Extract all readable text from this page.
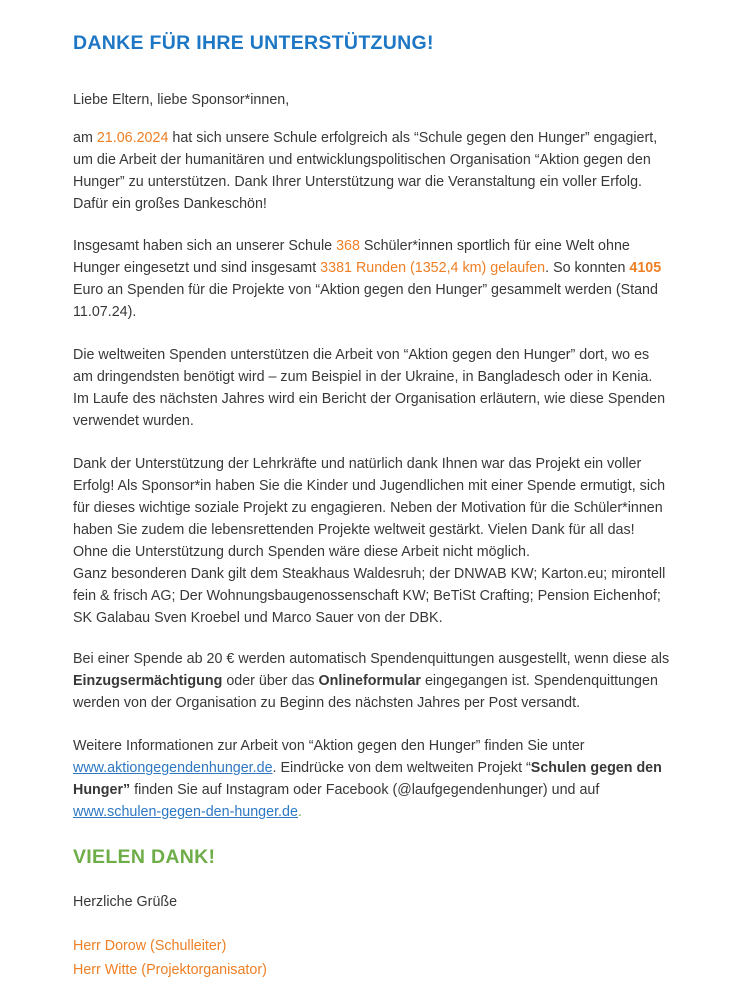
DANKE FÜR IHRE UNTERSTÜTZUNG!
Liebe Eltern, liebe Sponsor*innen,
am 21.06.2024 hat sich unsere Schule erfolgreich als “Schule gegen den Hunger” engagiert,
um die Arbeit der humanitären und entwicklungspolitischen Organisation “Aktion gegen den
Hunger” zu unterstützen. Dank Ihrer Unterstützung war die Veranstaltung ein voller Erfolg.
Dafür ein großes Dankeschön!
Insgesamt haben sich an unserer Schule 368 Schüler*innen sportlich für eine Welt ohne
Hunger eingesetzt und sind insgesamt 3381 Runden (1352,4 km) gelaufen. So konnten 4105
Euro an Spenden für die Projekte von “Aktion gegen den Hunger” gesammelt werden (Stand
11.07.24).
Die weltweiten Spenden unterstützen die Arbeit von “Aktion gegen den Hunger” dort, wo es
am dringendsten benötigt wird – zum Beispiel in der Ukraine, in Bangladesch oder in Kenia.
Im Laufe des nächsten Jahres wird ein Bericht der Organisation erläutern, wie diese Spenden
verwendet wurden.
Dank der Unterstützung der Lehrkräfte und natürlich dank Ihnen war das Projekt ein voller
Erfolg! Als Sponsor*in haben Sie die Kinder und Jugendlichen mit einer Spende ermutigt, sich
für dieses wichtige soziale Projekt zu engagieren. Neben der Motivation für die Schüler*innen
haben Sie zudem die lebensrettenden Projekte weltweit gestärkt. Vielen Dank für all das!
Ohne die Unterstützung durch Spenden wäre diese Arbeit nicht möglich.
Ganz besonderen Dank gilt dem Steakhaus Waldesruh; der DNWAB KW; Karton.eu; mirontell
fein & frisch AG; Der Wohnungsbaugenossenschaft KW; BeTiSt Crafting; Pension Eichenhof;
SK Galabau Sven Kroebel und Marco Sauer von der DBK.
Bei einer Spende ab 20 € werden automatisch Spendenquittungen ausgestellt, wenn diese als
Einzugsermächtigung oder über das Onlineformular eingegangen ist. Spendenquittungen
werden von der Organisation zu Beginn des nächsten Jahres per Post versandt.
Weitere Informationen zur Arbeit von “Aktion gegen den Hunger” finden Sie unter
www.aktiongegendenhunger.de. Eindrücke von dem weltweiten Projekt “Schulen gegen den
Hunger” finden Sie auf Instagram oder Facebook (@laufgegendenhunger) und auf
www.schulen-gegen-den-hunger.de.
VIELEN DANK!
Herzliche Grüße
Herr Dorow (Schulleiter)
Herr Witte (Projektorganisator)
